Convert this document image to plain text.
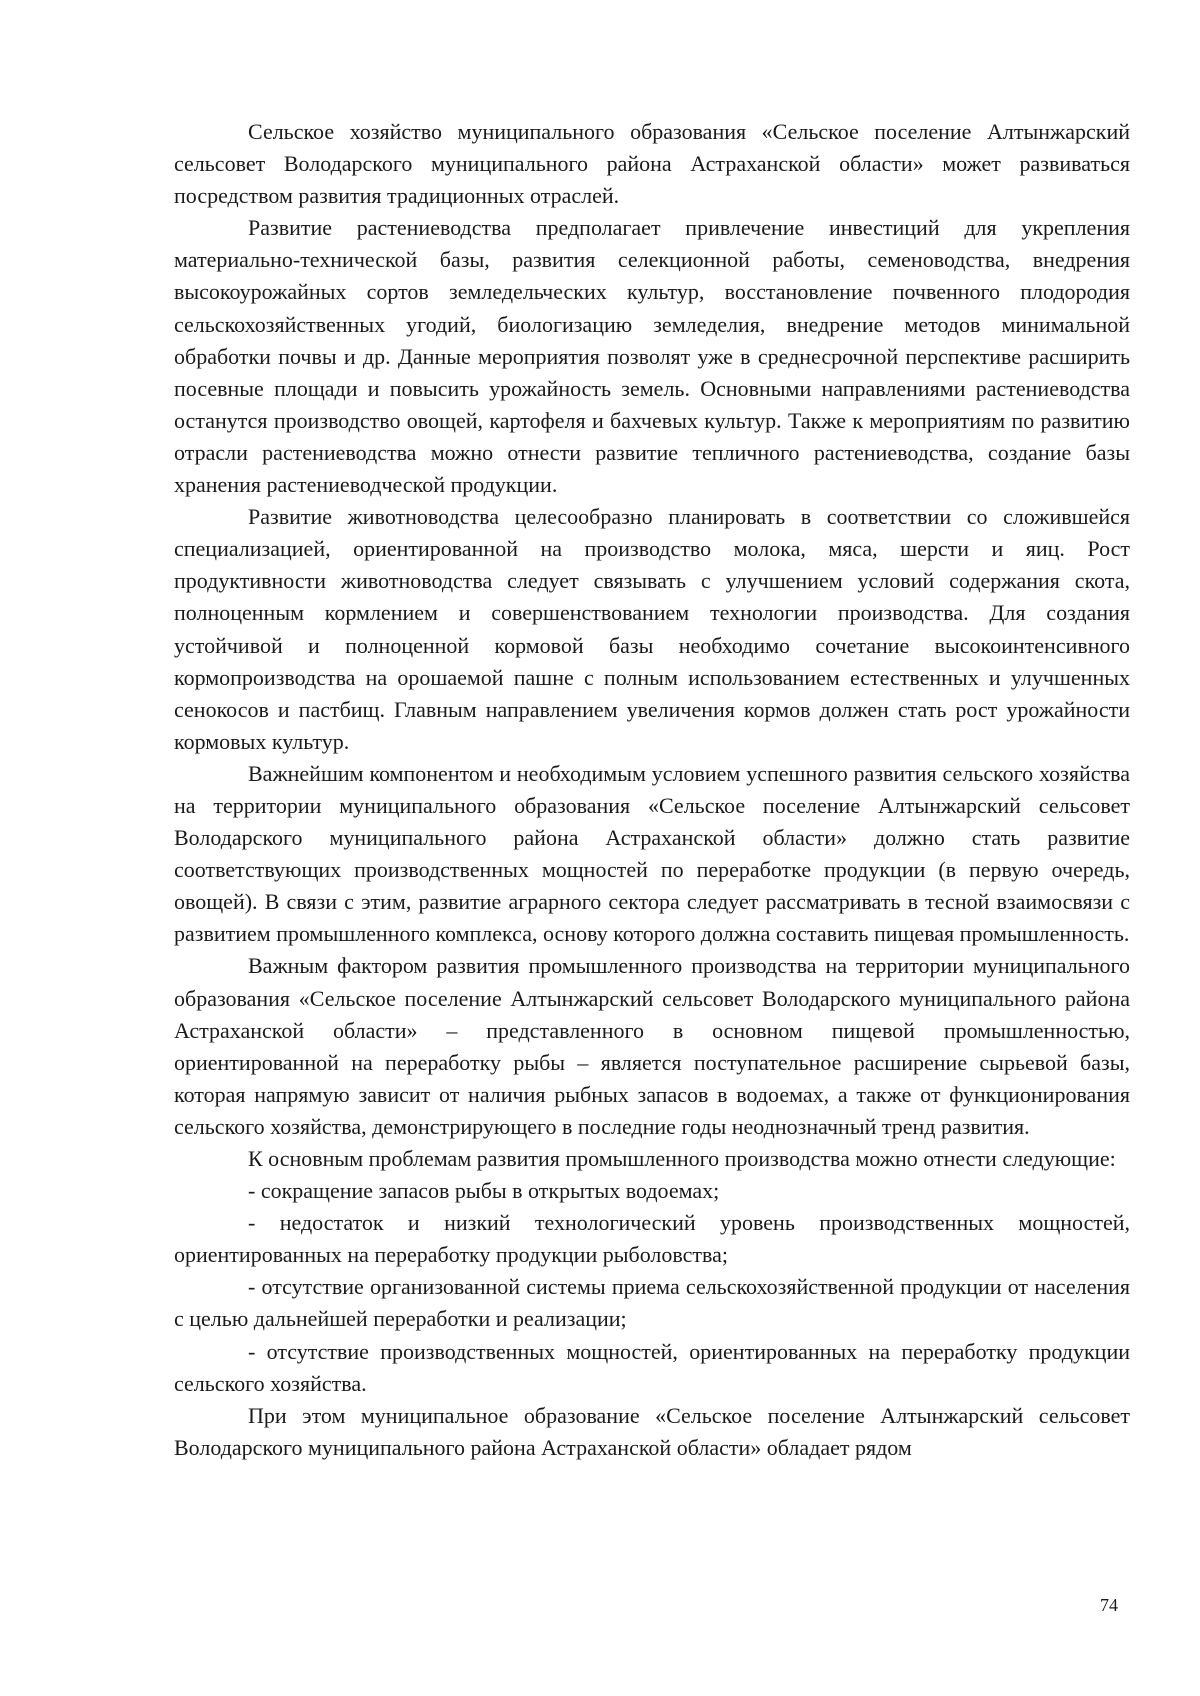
Сельское хозяйство муниципального образования «Сельское поселение Алтынжарский сельсовет Володарского муниципального района Астраханской области» может развиваться посредством развития традиционных отраслей.

Развитие растениеводства предполагает привлечение инвестиций для укрепления материально-технической базы, развития селекционной работы, семеноводства, внедрения высокоурожайных сортов земледельческих культур, восстановление почвенного плодородия сельскохозяйственных угодий, биологизацию земледелия, внедрение методов минимальной обработки почвы и др. Данные мероприятия позволят уже в среднесрочной перспективе расширить посевные площади и повысить урожайность земель. Основными направлениями растениеводства останутся производство овощей, картофеля и бахчевых культур. Также к мероприятиям по развитию отрасли растениеводства можно отнести развитие тепличного растениеводства, создание базы хранения растениеводческой продукции.

Развитие животноводства целесообразно планировать в соответствии со сложившейся специализацией, ориентированной на производство молока, мяса, шерсти и яиц. Рост продуктивности животноводства следует связывать с улучшением условий содержания скота, полноценным кормлением и совершенствованием технологии производства. Для создания устойчивой и полноценной кормовой базы необходимо сочетание высокоинтенсивного кормопроизводства на орошаемой пашне с полным использованием естественных и улучшенных сенокосов и пастбищ. Главным направлением увеличения кормов должен стать рост урожайности кормовых культур.

Важнейшим компонентом и необходимым условием успешного развития сельского хозяйства на территории муниципального образования «Сельское поселение Алтынжарский сельсовет Володарского муниципального района Астраханской области» должно стать развитие соответствующих производственных мощностей по переработке продукции (в первую очередь, овощей). В связи с этим, развитие аграрного сектора следует рассматривать в тесной взаимосвязи с развитием промышленного комплекса, основу которого должна составить пищевая промышленность.

Важным фактором развития промышленного производства на территории муниципального образования «Сельское поселение Алтынжарский сельсовет Володарского муниципального района Астраханской области» – представленного в основном пищевой промышленностью, ориентированной на переработку рыбы – является поступательное расширение сырьевой базы, которая напрямую зависит от наличия рыбных запасов в водоемах, а также от функционирования сельского хозяйства, демонстрирующего в последние годы неоднозначный тренд развития.

К основным проблемам развития промышленного производства можно отнести следующие:

- сокращение запасов рыбы в открытых водоемах;

- недостаток и низкий технологический уровень производственных мощностей, ориентированных на переработку продукции рыболовства;

- отсутствие организованной системы приема сельскохозяйственной продукции от населения с целью дальнейшей переработки и реализации;

- отсутствие производственных мощностей, ориентированных на переработку продукции сельского хозяйства.

При этом муниципальное образование «Сельское поселение Алтынжарский сельсовет Володарского муниципального района Астраханской области» обладает рядом

74
